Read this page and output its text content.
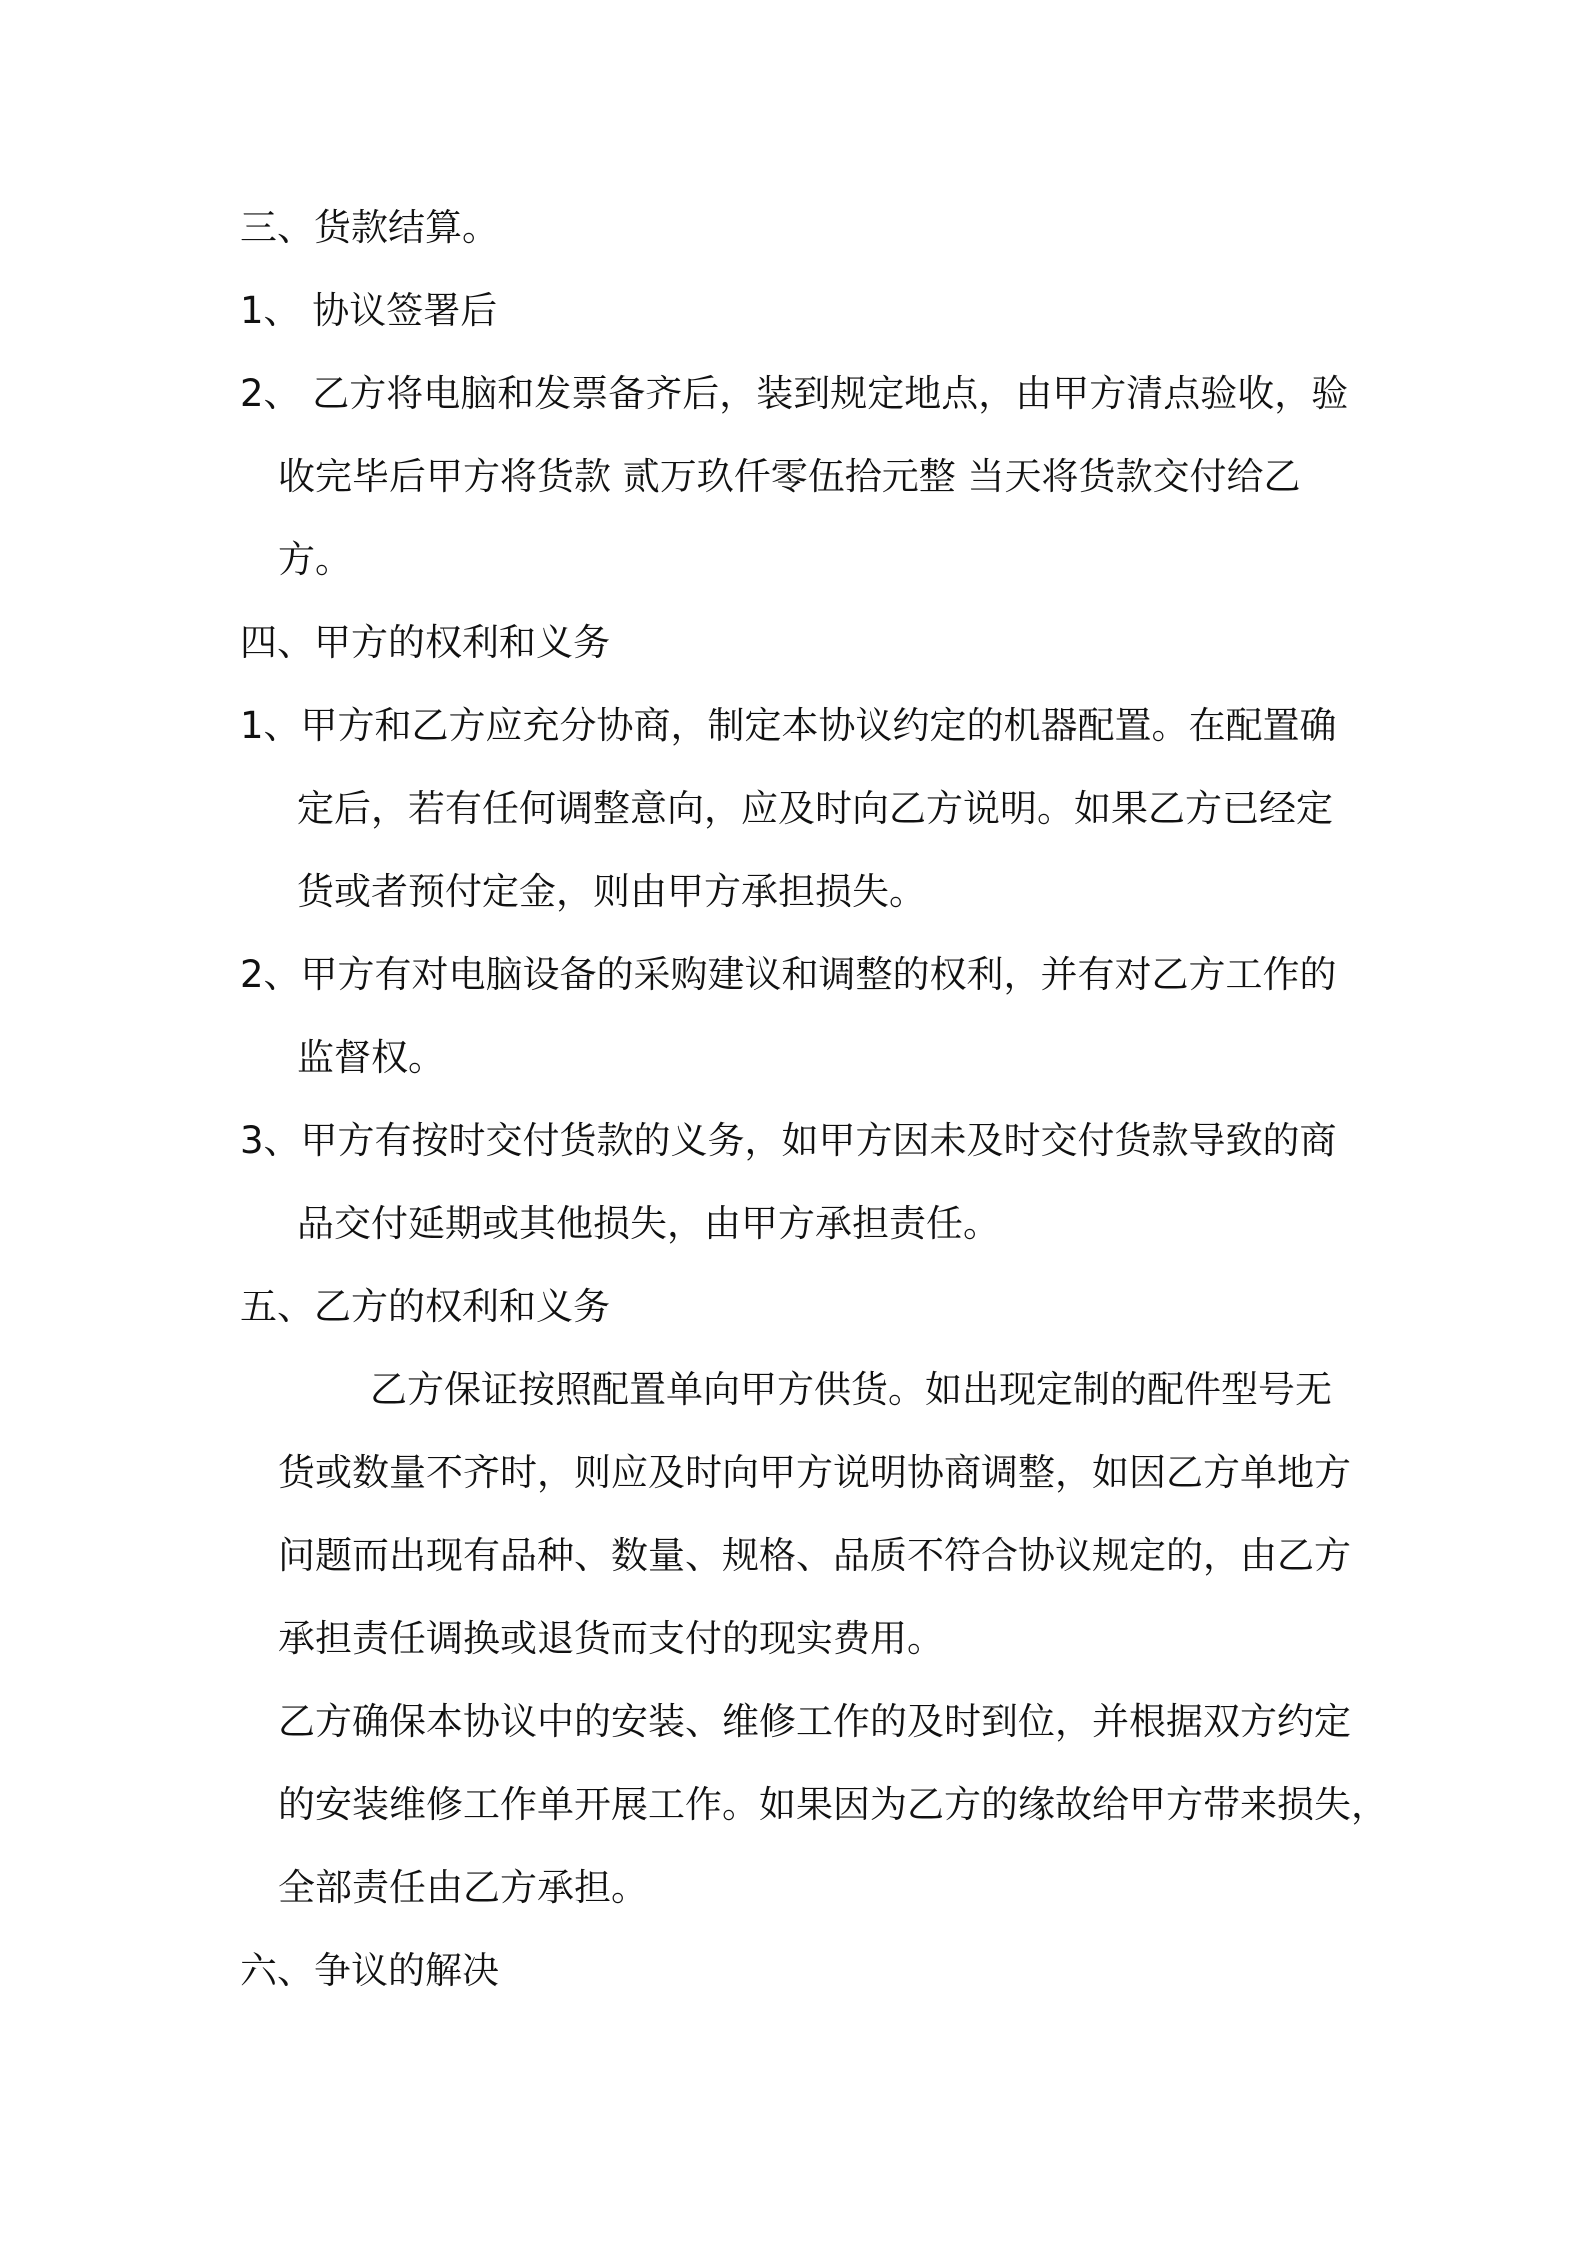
三、货款结算。
1、 协议签署后
2、 乙方将电脑和发票备齐后，装到规定地点，由甲方清点验收，验
收完毕后甲方将货款 贰万玖仟零伍拾元整 当天将货款交付给乙
方。
四、甲方的权利和义务
1、甲方和乙方应充分协商，制定本协议约定的机器配置。在配置确
定后，若有任何调整意向，应及时向乙方说明。如果乙方已经定
货或者预付定金，则由甲方承担损失。
2、甲方有对电脑设备的采购建议和调整的权利，并有对乙方工作的
监督权。
3、甲方有按时交付货款的义务，如甲方因未及时交付货款导致的商
品交付延期或其他损失，由甲方承担责任。
五、乙方的权利和义务
乙方保证按照配置单向甲方供货。如出现定制的配件型号无
货或数量不齐时，则应及时向甲方说明协商调整，如因乙方单地方
问题而出现有品种、数量、规格、品质不符合协议规定的，由乙方
承担责任调换或退货而支付的现实费用。
乙方确保本协议中的安装、维修工作的及时到位，并根据双方约定
的安装维修工作单开展工作。如果因为乙方的缘故给甲方带来损失，
全部责任由乙方承担。
六、争议的解决
